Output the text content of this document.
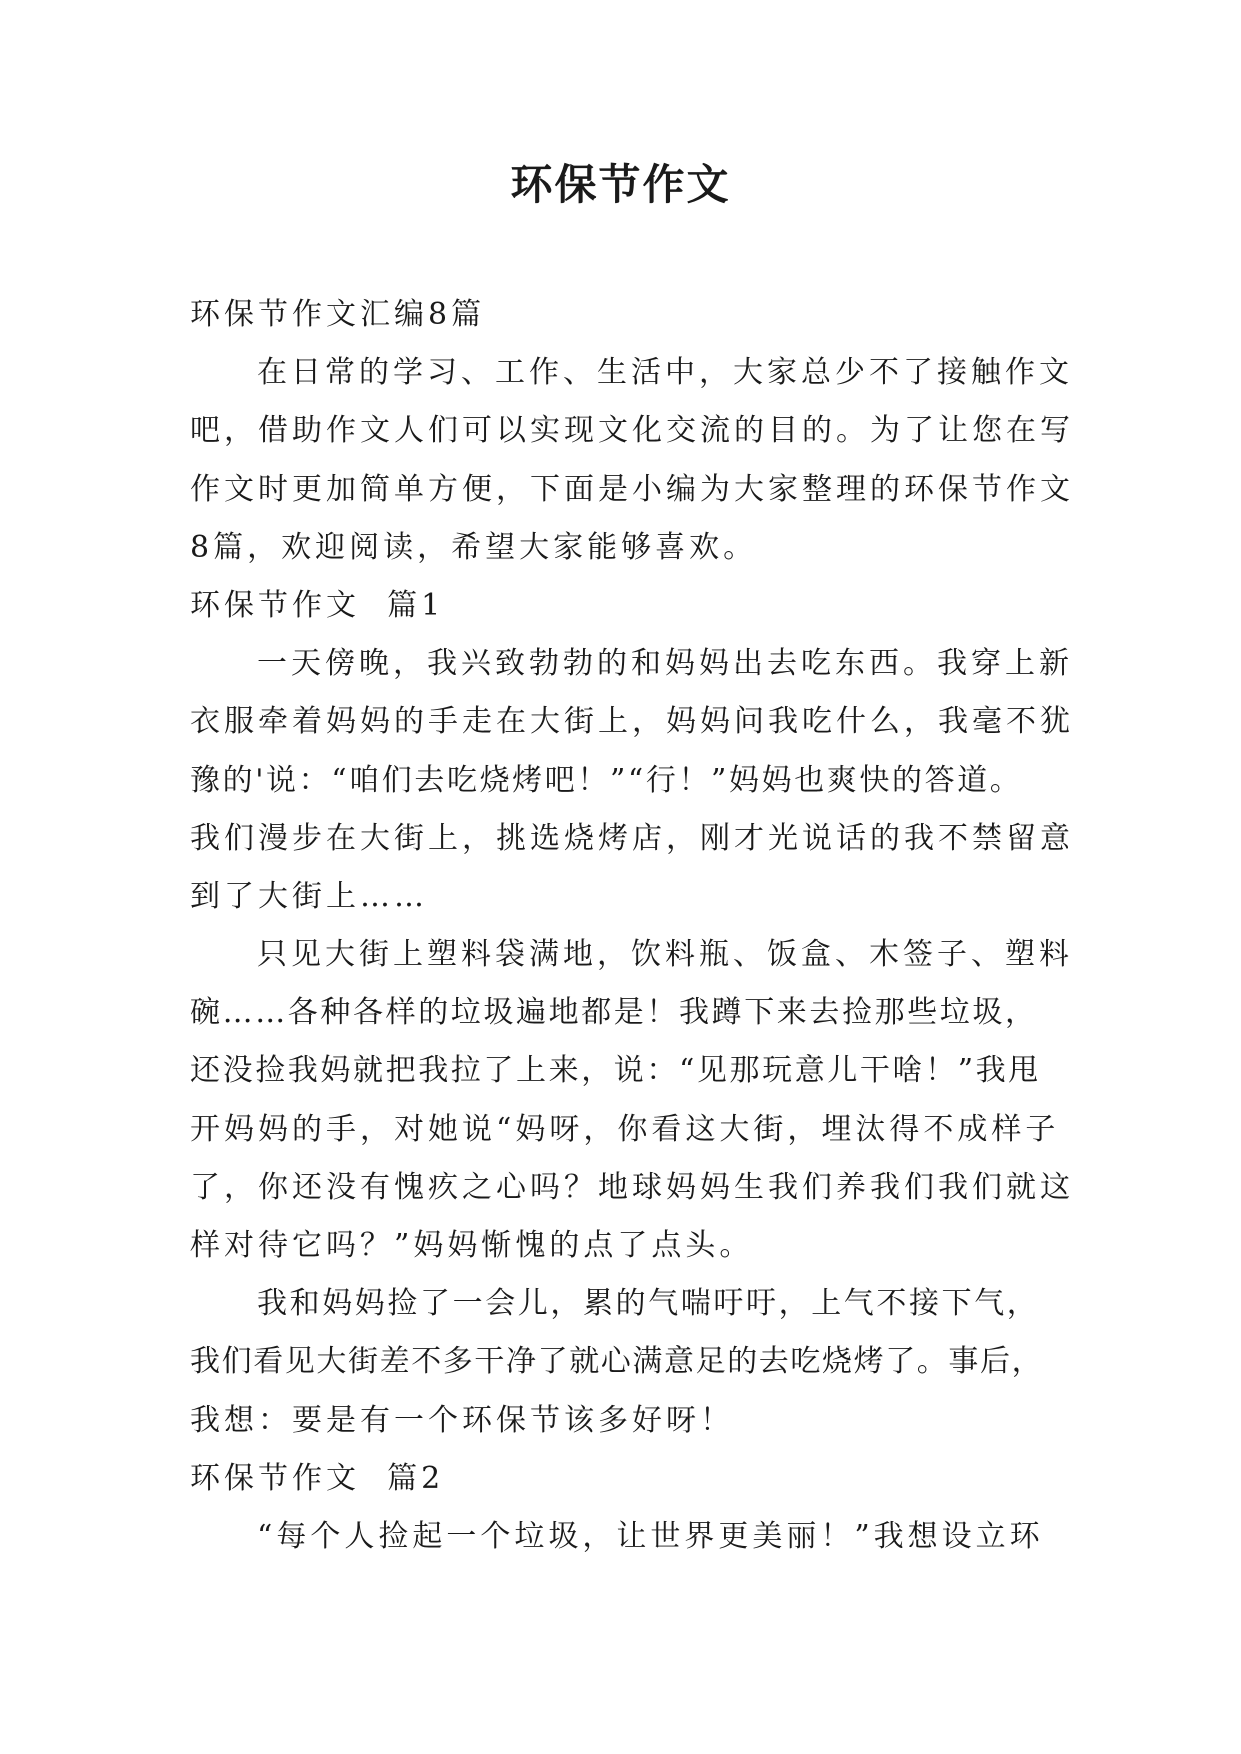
环保节作文
环保节作文汇编8篇
在日常的学习、工作、生活中，大家总少不了接触作文
吧，借助作文人们可以实现文化交流的目的。为了让您在写
作文时更加简单方便，下面是小编为大家整理的环保节作文
8篇，欢迎阅读，希望大家能够喜欢。
环保节作文  篇1
一天傍晚，我兴致勃勃的和妈妈出去吃东西。我穿上新
衣服牵着妈妈的手走在大街上，妈妈问我吃什么，我毫不犹
豫的'说：“咱们去吃烧烤吧！”“行！”妈妈也爽快的答道。
我们漫步在大街上，挑选烧烤店，刚才光说话的我不禁留意
到了大街上……
只见大街上塑料袋满地，饮料瓶、饭盒、木签子、塑料
碗……各种各样的垃圾遍地都是！我蹲下来去捡那些垃圾，
还没捡我妈就把我拉了上来，说：“见那玩意儿干啥！”我甩
开妈妈的手，对她说“妈呀，你看这大街，埋汰得不成样子
了，你还没有愧疚之心吗？地球妈妈生我们养我们我们就这
样对待它吗？”妈妈惭愧的点了点头。
我和妈妈捡了一会儿，累的气喘吁吁，上气不接下气，
我们看见大街差不多干净了就心满意足的去吃烧烤了。事后，
我想：要是有一个环保节该多好呀！
环保节作文  篇2
“每个人捡起一个垃圾，让世界更美丽！”我想设立环
